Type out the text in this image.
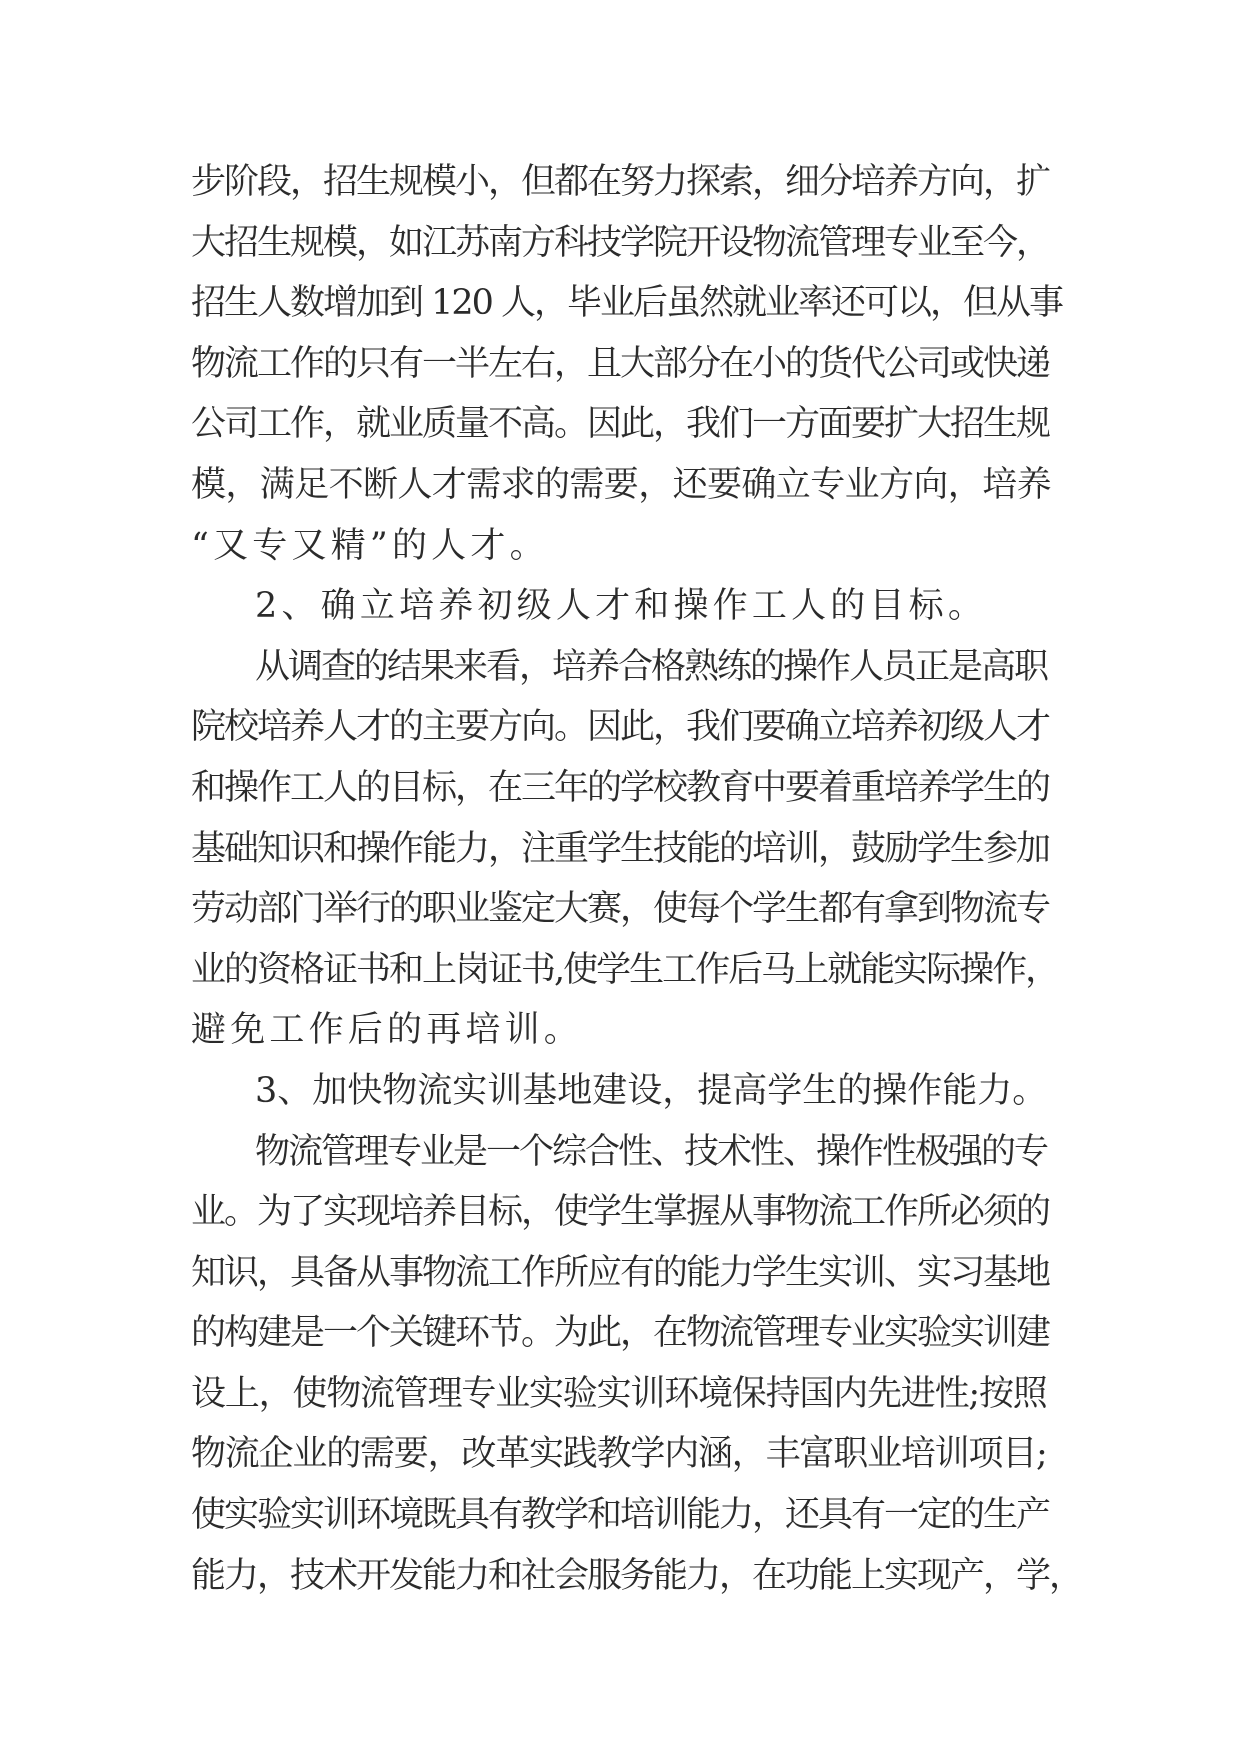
步阶段，招生规模小，但都在努力探索，细分培养方向，扩
大招生规模，如江苏南方科技学院开设物流管理专业至今，
招生人数增加到 120 人，毕业后虽然就业率还可以，但从事
物流工作的只有一半左右，且大部分在小的货代公司或快递
公司工作，就业质量不高。因此，我们一方面要扩大招生规
模，满足不断人才需求的需要，还要确立专业方向，培养
“又专又精”的人才。
2、确立培养初级人才和操作工人的目标。
从调查的结果来看，培养合格熟练的操作人员正是高职
院校培养人才的主要方向。因此，我们要确立培养初级人才
和操作工人的目标，在三年的学校教育中要着重培养学生的
基础知识和操作能力，注重学生技能的培训，鼓励学生参加
劳动部门举行的职业鉴定大赛，使每个学生都有拿到物流专
业的资格证书和上岗证书,使学生工作后马上就能实际操作，
避免工作后的再培训。
3、加快物流实训基地建设，提高学生的操作能力。
物流管理专业是一个综合性、技术性、操作性极强的专
业。为了实现培养目标，使学生掌握从事物流工作所必须的
知识，具备从事物流工作所应有的能力学生实训、实习基地
的构建是一个关键环节。为此，在物流管理专业实验实训建
设上，使物流管理专业实验实训环境保持国内先进性;按照
物流企业的需要，改革实践教学内涵，丰富职业培训项目;
使实验实训环境既具有教学和培训能力，还具有一定的生产
能力，技术开发能力和社会服务能力，在功能上实现产，学，
